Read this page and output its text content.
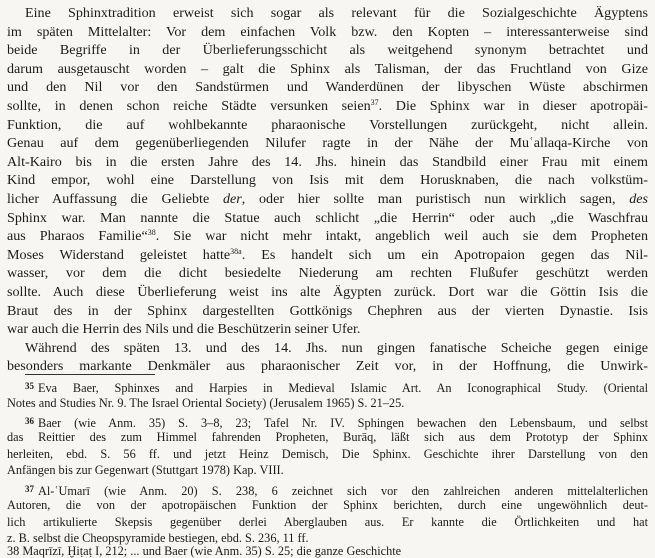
Eine Sphinxtradition erweist sich sogar als relevant für die Sozialgeschichte Ägyptens
im späten Mittelalter: Vor dem einfachen Volk bzw. den Kopten – interessanterweise sind
beide Begriffe in der Überlieferungsschicht als weitgehend synonym betrachtet und
darum ausgetauscht worden – galt die Sphinx als Talisman, der das Fruchtland von Gize
und den Nil vor den Sandstürmen und Wanderdünen der libyschen Wüste abschirmen
sollte, in denen schon reiche Städte versunken seien$^{37}$. Die Sphinx war in dieser apotropäi-
Funktion, die auf wohlbekannte pharaonische Vorstellungen zurückgeht, nicht allein.
Genau auf dem gegenüberliegenden Nilufer ragte in der Nähe der Muʿallaqa-Kirche von
Alt-Kairo bis in die ersten Jahre des 14. Jhs. hinein das Standbild einer Frau mit einem
Kind empor, wohl eine Darstellung von Isis mit dem Horusknaben, die nach volkstüm-
licher Auffassung die Geliebte der, oder hier sollte man puristisch nun wirklich sagen, des
Sphinx war. Man nannte die Statue auch schlicht „die Herrin“ oder auch „die Waschfrau
aus Pharaos Familie“$^{38}$. Sie war nicht mehr intakt, angeblich weil auch sie dem Propheten
Moses Widerstand geleistet hatte$^{38a}$. Es handelt sich um ein Apotropaion gegen das Nil-
wasser, vor dem die dicht besiedelte Niederung am rechten Flußufer geschützt werden
sollte. Auch diese Überlieferung weist ins alte Ägypten zurück. Dort war die Göttin Isis die
Braut des in der Sphinx dargestellten Gottkönigs Chephren aus der vierten Dynastie. Isis
war auch die Herrin des Nils und die Beschützerin seiner Ufer.
Während des späten 13. und des 14. Jhs. nun gingen fanatische Scheiche gegen einige
besonders markante Denkmäler aus pharaonischer Zeit vor, in der Hoffnung, die Unwirk-
$^{35}$ Eva Baer, Sphinxes and Harpies in Medieval Islamic Art. An Iconographical Study. (Oriental
Notes and Studies Nr. 9. The Israel Oriental Society) (Jerusalem 1965) S. 21–25.
$^{36}$ Baer (wie Anm. 35) S. 3–8, 23; Tafel Nr. IV. Sphingen bewachen den Lebensbaum, und selbst
das Reittier des zum Himmel fahrenden Propheten, Burāq, läßt sich aus dem Prototyp der Sphinx
herleiten, ebd. S. 56 ff. und jetzt Heinz Demisch, Die Sphinx. Geschichte ihrer Darstellung von den
Anfängen bis zur Gegenwart (Stuttgart 1978) Kap. VIII.
$^{37}$ Al-ʿUmarī (wie Anm. 20) S. 238, 6 zeichnet sich vor den zahlreichen anderen mittelalterlichen
Autoren, die von der apotropäischen Funktion der Sphinx berichten, durch eine ungewöhnlich deut-
lich artikulierte Skepsis gegenüber derlei Aberglauben aus. Er kannte die Örtlichkeiten und hat
z. B. selbst die Cheopspyramide bestiegen, ebd. S. 236, 11 ff.
38 Maqrīzī, Ḫiṭaṭ I, 212; ... und Baer (wie Anm. 35) S. 25; die ganze Geschichte
